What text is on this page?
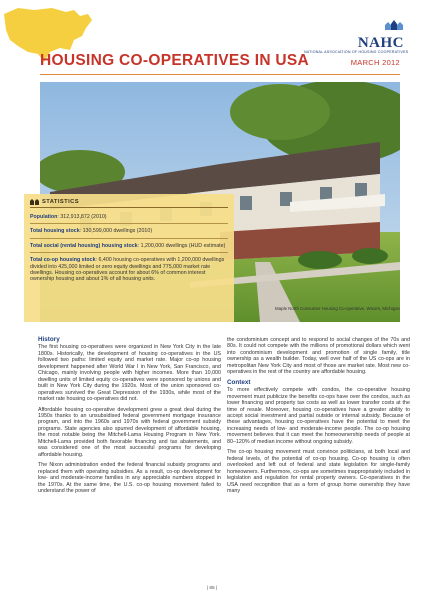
NAHC
NATIONAL ASSOCIATION OF HOUSING COOPERATIVES
HOUSING CO-OPERATIVES IN USA	MARCH 2012
Maple North Consumer Housing Co-operative, Wixom, Michigan
STATISTICS
Population: 312,913,872 (2010)
Total housing stock: 130,599,000 dwellings (2010)
Total social (rental housing) housing stock: 1,200,000 dwellings (HUD estimate)
Total co-op housing stock: 6,400 housing co-operatives with 1,200,000 dwellings divided into 425,000 limited or zero equity dwellings and 775,000 market rate dwellings. Housing co-operatives account for about 6% of common interest ownership housing and about 1% of all housing units.
History

The first housing co-operatives were organized in New York City in the late 1800s. Historically, the development of housing co-operatives in the US followed two paths: limited equity and market rate. Major co-op housing development happened after World War I in New York, San Francisco, and Chicago, mainly involving people with higher incomes. More than 10,000 dwelling units of limited equity co-operatives were sponsored by unions and built in New York City during the 1920s. Most of the union sponsored co-operatives survived the Great Depression of the 1930s, while most of the market rate housing co-operatives did not.

Affordable housing co-operative development grew a great deal during the 1950s thanks to an unsubsidised federal government mortgage insurance program, and into the 1960s and 1970s with federal government subsidy programs. State agencies also spurred development of affordable housing, the most notable being the Mitchell-Lama Housing Program in New York. Mitchell-Lama provided both favorable financing and tax abatements, and was considered one of the most successful programs for developing affordable housing.

The Nixon administration ended the federal financial subsidy programs and replaced them with operating subsidies. As a result, co-op development for low- and moderate-income families in any appreciable numbers stopped in the 1970s. At the same time, the U.S. co-op housing movement failed to understand the power of

the condominium concept and to respond to social changes of the 70s and 80s. It could not compete with the millions of promotional dollars which went into condominium development and promotion of single family, title ownership as a wealth builder. Today, well over half of the US co-ops are in metropolitan New York City and most of those are market rate. Most new co-operatives in the rest of the country are affordable housing.

Context

To more effectively compete with condos, the co-operative housing movement must publicize the benefits co-ops have over the condos, such as lower financing and property tax costs as well as lower transfer costs at the time of resale. Moreover, housing co-operatives have a greater ability to accept social investment and partial outside or internal subsidy. Because of these advantages, housing co-operatives have the potential to meet the increasing needs of low- and moderate-income people. The co-op housing movement believes that it can meet the homeownership needs of people at 80–120% of median income without ongoing subsidy.

The co-op housing movement must convince politicians, at both local and federal levels, of the potential of co-op housing. Co-op housing is often overlooked and left out of federal and state legislation for single-family homeowners. Furthermore, co-ops are sometimes inappropriately included in legislation and regulation for rental property owners. Co-operatives in the USA need recognition that as a form of group home ownership they have many

| 85 |
